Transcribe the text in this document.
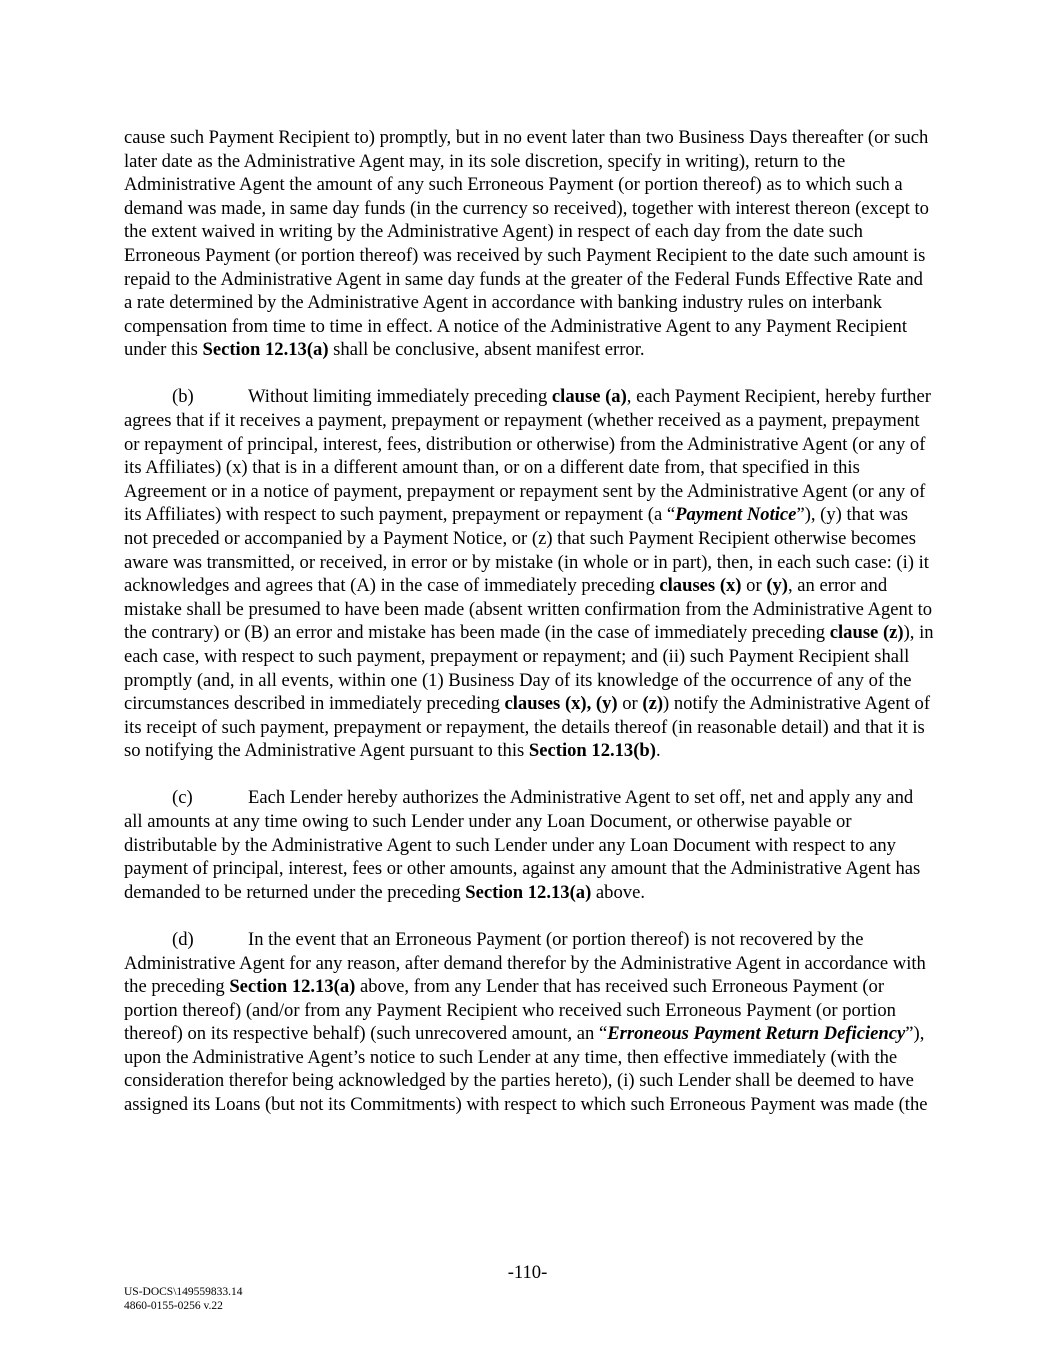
cause such Payment Recipient to) promptly, but in no event later than two Business Days thereafter (or such later date as the Administrative Agent may, in its sole discretion, specify in writing), return to the Administrative Agent the amount of any such Erroneous Payment (or portion thereof) as to which such a demand was made, in same day funds (in the currency so received), together with interest thereon (except to the extent waived in writing by the Administrative Agent) in respect of each day from the date such Erroneous Payment (or portion thereof) was received by such Payment Recipient to the date such amount is repaid to the Administrative Agent in same day funds at the greater of the Federal Funds Effective Rate and a rate determined by the Administrative Agent in accordance with banking industry rules on interbank compensation from time to time in effect. A notice of the Administrative Agent to any Payment Recipient under this Section 12.13(a) shall be conclusive, absent manifest error.

(b)	Without limiting immediately preceding clause (a), each Payment Recipient, hereby further agrees that if it receives a payment, prepayment or repayment (whether received as a payment, prepayment or repayment of principal, interest, fees, distribution or otherwise) from the Administrative Agent (or any of its Affiliates) (x) that is in a different amount than, or on a different date from, that specified in this Agreement or in a notice of payment, prepayment or repayment sent by the Administrative Agent (or any of its Affiliates) with respect to such payment, prepayment or repayment (a “Payment Notice”), (y) that was not preceded or accompanied by a Payment Notice, or (z) that such Payment Recipient otherwise becomes aware was transmitted, or received, in error or by mistake (in whole or in part), then, in each such case: (i) it acknowledges and agrees that (A) in the case of immediately preceding clauses (x) or (y), an error and mistake shall be presumed to have been made (absent written confirmation from the Administrative Agent to the contrary) or (B) an error and mistake has been made (in the case of immediately preceding clause (z)), in each case, with respect to such payment, prepayment or repayment; and (ii) such Payment Recipient shall promptly (and, in all events, within one (1) Business Day of its knowledge of the occurrence of any of the circumstances described in immediately preceding clauses (x), (y) or (z)) notify the Administrative Agent of its receipt of such payment, prepayment or repayment, the details thereof (in reasonable detail) and that it is so notifying the Administrative Agent pursuant to this Section 12.13(b).

(c)	Each Lender hereby authorizes the Administrative Agent to set off, net and apply any and all amounts at any time owing to such Lender under any Loan Document, or otherwise payable or distributable by the Administrative Agent to such Lender under any Loan Document with respect to any payment of principal, interest, fees or other amounts, against any amount that the Administrative Agent has demanded to be returned under the preceding Section 12.13(a) above.

(d)	In the event that an Erroneous Payment (or portion thereof) is not recovered by the Administrative Agent for any reason, after demand therefor by the Administrative Agent in accordance with the preceding Section 12.13(a) above, from any Lender that has received such Erroneous Payment (or portion thereof) (and/or from any Payment Recipient who received such Erroneous Payment (or portion thereof) on its respective behalf) (such unrecovered amount, an “Erroneous Payment Return Deficiency”), upon the Administrative Agent’s notice to such Lender at any time, then effective immediately (with the consideration therefor being acknowledged by the parties hereto), (i) such Lender shall be deemed to have assigned its Loans (but not its Commitments) with respect to which such Erroneous Payment was made (the

-110-
US-DOCS\149559833.14
4860-0155-0256 v.22
